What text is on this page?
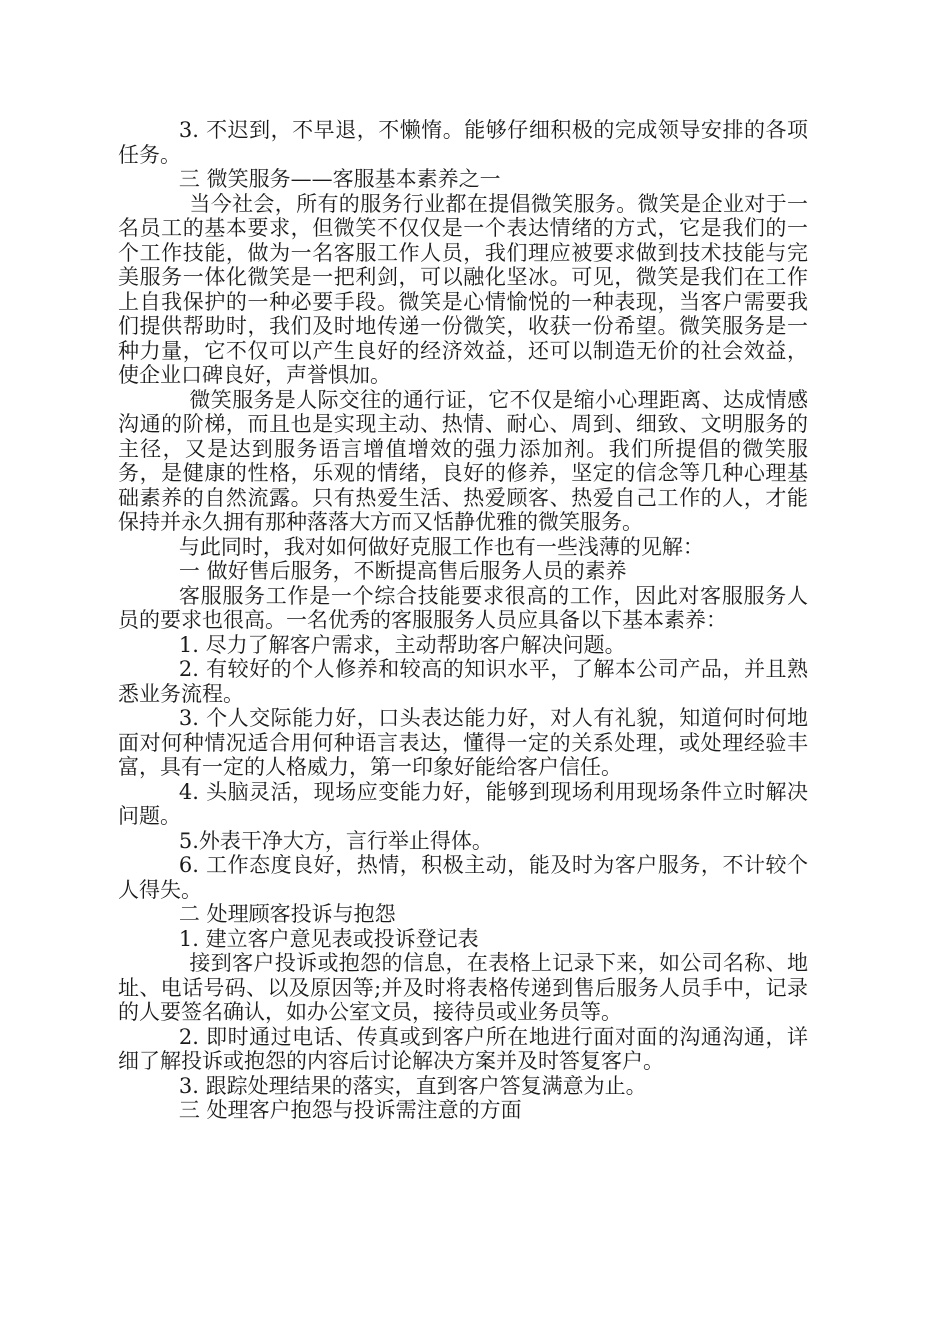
3. 不迟到，不早退，不懒惰。能够仔细积极的完成领导安排的各项任务。

三 微笑服务——客服基本素养之一

当今社会，所有的服务行业都在提倡微笑服务。微笑是企业对于一名员工的基本要求，但微笑不仅仅是一个表达情绪的方式，它是我们的一个工作技能，做为一名客服工作人员，我们理应被要求做到技术技能与完美服务一体化微笑是一把利剑，可以融化坚冰。可见，微笑是我们在工作上自我保护的一种必要手段。微笑是心情愉悦的一种表现，当客户需要我们提供帮助时，我们及时地传递一份微笑，收获一份希望。微笑服务是一种力量，它不仅可以产生良好的经济效益，还可以制造无价的社会效益，使企业口碑良好，声誉惧加。

微笑服务是人际交往的通行证，它不仅是缩小心理距离、达成情感沟通的阶梯，而且也是实现主动、热情、耐心、周到、细致、文明服务的主径，又是达到服务语言增值增效的强力添加剂。我们所提倡的微笑服务，是健康的性格，乐观的情绪，良好的修养，坚定的信念等几种心理基础素养的自然流露。只有热爱生活、热爱顾客、热爱自己工作的人，才能保持并永久拥有那种落落大方而又恬静优雅的微笑服务。

与此同时，我对如何做好克服工作也有一些浅薄的见解：

一 做好售后服务，不断提高售后服务人员的素养

客服服务工作是一个综合技能要求很高的工作，因此对客服服务人员的要求也很高。一名优秀的客服服务人员应具备以下基本素养：

1. 尽力了解客户需求，主动帮助客户解决问题。

2. 有较好的个人修养和较高的知识水平，了解本公司产品，并且熟悉业务流程。

3. 个人交际能力好，口头表达能力好，对人有礼貌，知道何时何地面对何种情况适合用何种语言表达，懂得一定的关系处理，或处理经验丰富，具有一定的人格威力，第一印象好能给客户信任。

4. 头脑灵活，现场应变能力好，能够到现场利用现场条件立时解决问题。

5.外表干净大方，言行举止得体。

6. 工作态度良好，热情，积极主动，能及时为客户服务，不计较个人得失。

二 处理顾客投诉与抱怨

1. 建立客户意见表或投诉登记表

接到客户投诉或抱怨的信息，在表格上记录下来，如公司名称、地址、电话号码、以及原因等;并及时将表格传递到售后服务人员手中，记录的人要签名确认，如办公室文员，接待员或业务员等。

2. 即时通过电话、传真或到客户所在地进行面对面的沟通沟通，详细了解投诉或抱怨的内容后讨论解决方案并及时答复客户。

3. 跟踪处理结果的落实，直到客户答复满意为止。

三 处理客户抱怨与投诉需注意的方面
